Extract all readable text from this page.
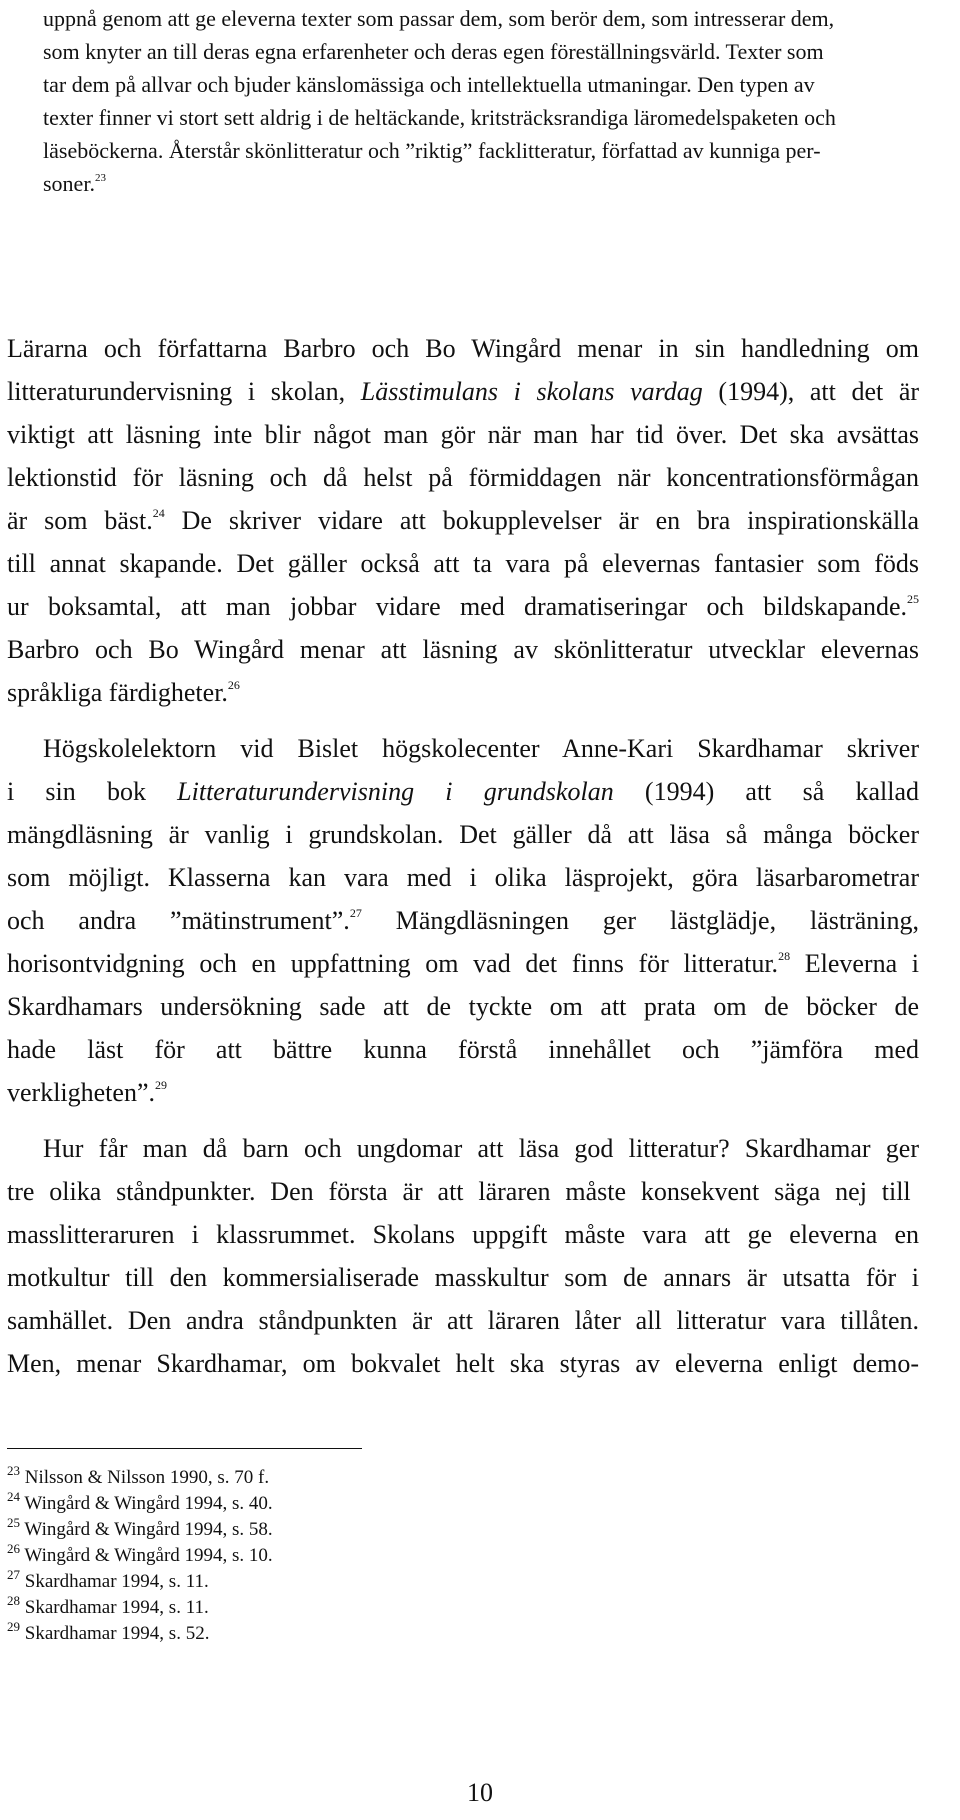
uppnå genom att ge eleverna texter som passar dem, som berör dem, som intresserar dem,
som knyter an till deras egna erfarenheter och deras egen föreställningsvärld. Texter som
tar dem på allvar och bjuder känslomässiga och intellektuella utmaningar. Den typen av
texter finner vi stort sett aldrig i de heltäckande, kritsträcksrandiga läromedelspaketen och
läseböckerna. Återstår skönlitteratur och ”riktig” facklitteratur, författad av kunniga per-
soner.$^{23}$
Lärarna och författarna Barbro och Bo Wingård menar in sin handledning om
litteraturundervisning i skolan, Lässtimulans i skolans vardag (1994), att det är
viktigt att läsning inte blir något man gör när man har tid över. Det ska avsättas
lektionstid för läsning och då helst på förmiddagen när koncentrationsförmågan
är som bäst.$^{24}$ De skriver vidare att bokupplevelser är en bra inspirationskälla
till annat skapande. Det gäller också att ta vara på elevernas fantasier som föds
ur boksamtal, att man jobbar vidare med dramatiseringar och bildskapande.$^{25}$
Barbro och Bo Wingård menar att läsning av skönlitteratur utvecklar elevernas
språkliga färdigheter.$^{26}$
Högskolelektorn vid Bislet högskolecenter Anne-Kari Skardhamar skriver
i sin bok Litteraturundervisning i grundskolan (1994) att så kallad
mängdläsning är vanlig i grundskolan. Det gäller då att läsa så många böcker
som möjligt. Klasserna kan vara med i olika läsprojekt, göra läsarbarometrar
och andra ”mätinstrument”.$^{27}$ Mängdläsningen ger lästglädje, lästräning,
horisontvidgning och en uppfattning om vad det finns för litteratur.$^{28}$ Eleverna i
Skardhamars undersökning sade att de tyckte om att prata om de böcker de
hade läst för att bättre kunna förstå innehållet och ”jämföra med
verkligheten”.$^{29}$
Hur får man då barn och ungdomar att läsa god litteratur? Skardhamar ger
tre olika ståndpunkter. Den första är att läraren måste konsekvent säga nej till
masslitteraruren i klassrummet. Skolans uppgift måste vara att ge eleverna en
motkultur till den kommersialiserade masskultur som de annars är utsatta för i
samhället. Den andra ståndpunkten är att läraren låter all litteratur vara tillåten.
Men, menar Skardhamar, om bokvalet helt ska styras av eleverna enligt demo-

$^{23}$ Nilsson & Nilsson 1990, s. 70 f.

$^{24}$ Wingård & Wingård 1994, s. 40.

$^{25}$ Wingård & Wingård 1994, s. 58.

$^{26}$ Wingård & Wingård 1994, s. 10.

$^{27}$ Skardhamar 1994, s. 11.

$^{28}$ Skardhamar 1994, s. 11.

$^{29}$ Skardhamar 1994, s. 52.

10
